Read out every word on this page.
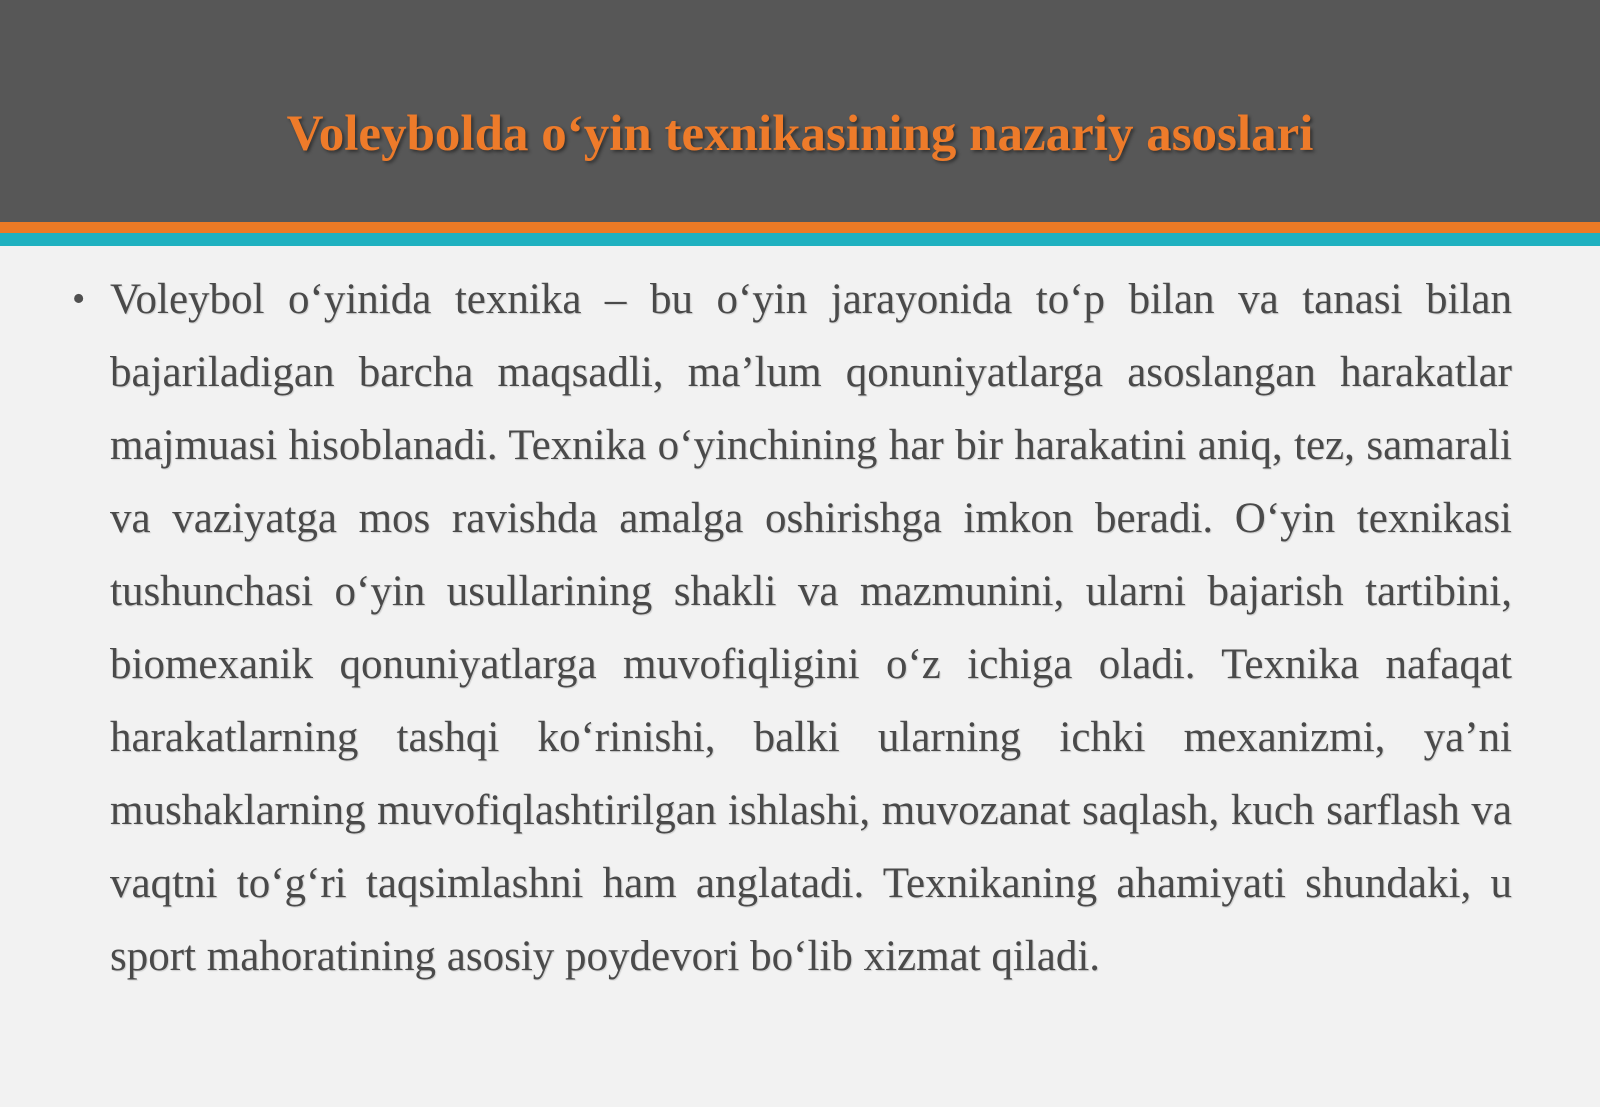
Voleybolda o‘yin texnikasining nazariy asoslari
• Voleybol o‘yinida texnika – bu o‘yin jarayonida to‘p bilan va tanasi bilan bajariladigan barcha maqsadli, ma’lum qonuniyatlarga asoslangan harakatlar majmuasi hisoblanadi. Texnika o‘yinchining har bir harakatini aniq, tez, samarali va vaziyatga mos ravishda amalga oshirishga imkon beradi. O‘yin texnikasi tushunchasi o‘yin usullarining shakli va mazmunini, ularni bajarish tartibini, biomexanik qonuniyatlarga muvofiqligini o‘z ichiga oladi. Texnika nafaqat harakatlarning tashqi ko‘rinishi, balki ularning ichki mexanizmi, ya’ni mushaklarning muvofiqlashtirilgan ishlashi, muvozanat saqlash, kuch sarflash va vaqtni to‘g‘ri taqsimlashni ham anglatadi. Texnikaning ahamiyati shundaki, u sport mahoratining asosiy poydevori bo‘lib xizmat qiladi.
